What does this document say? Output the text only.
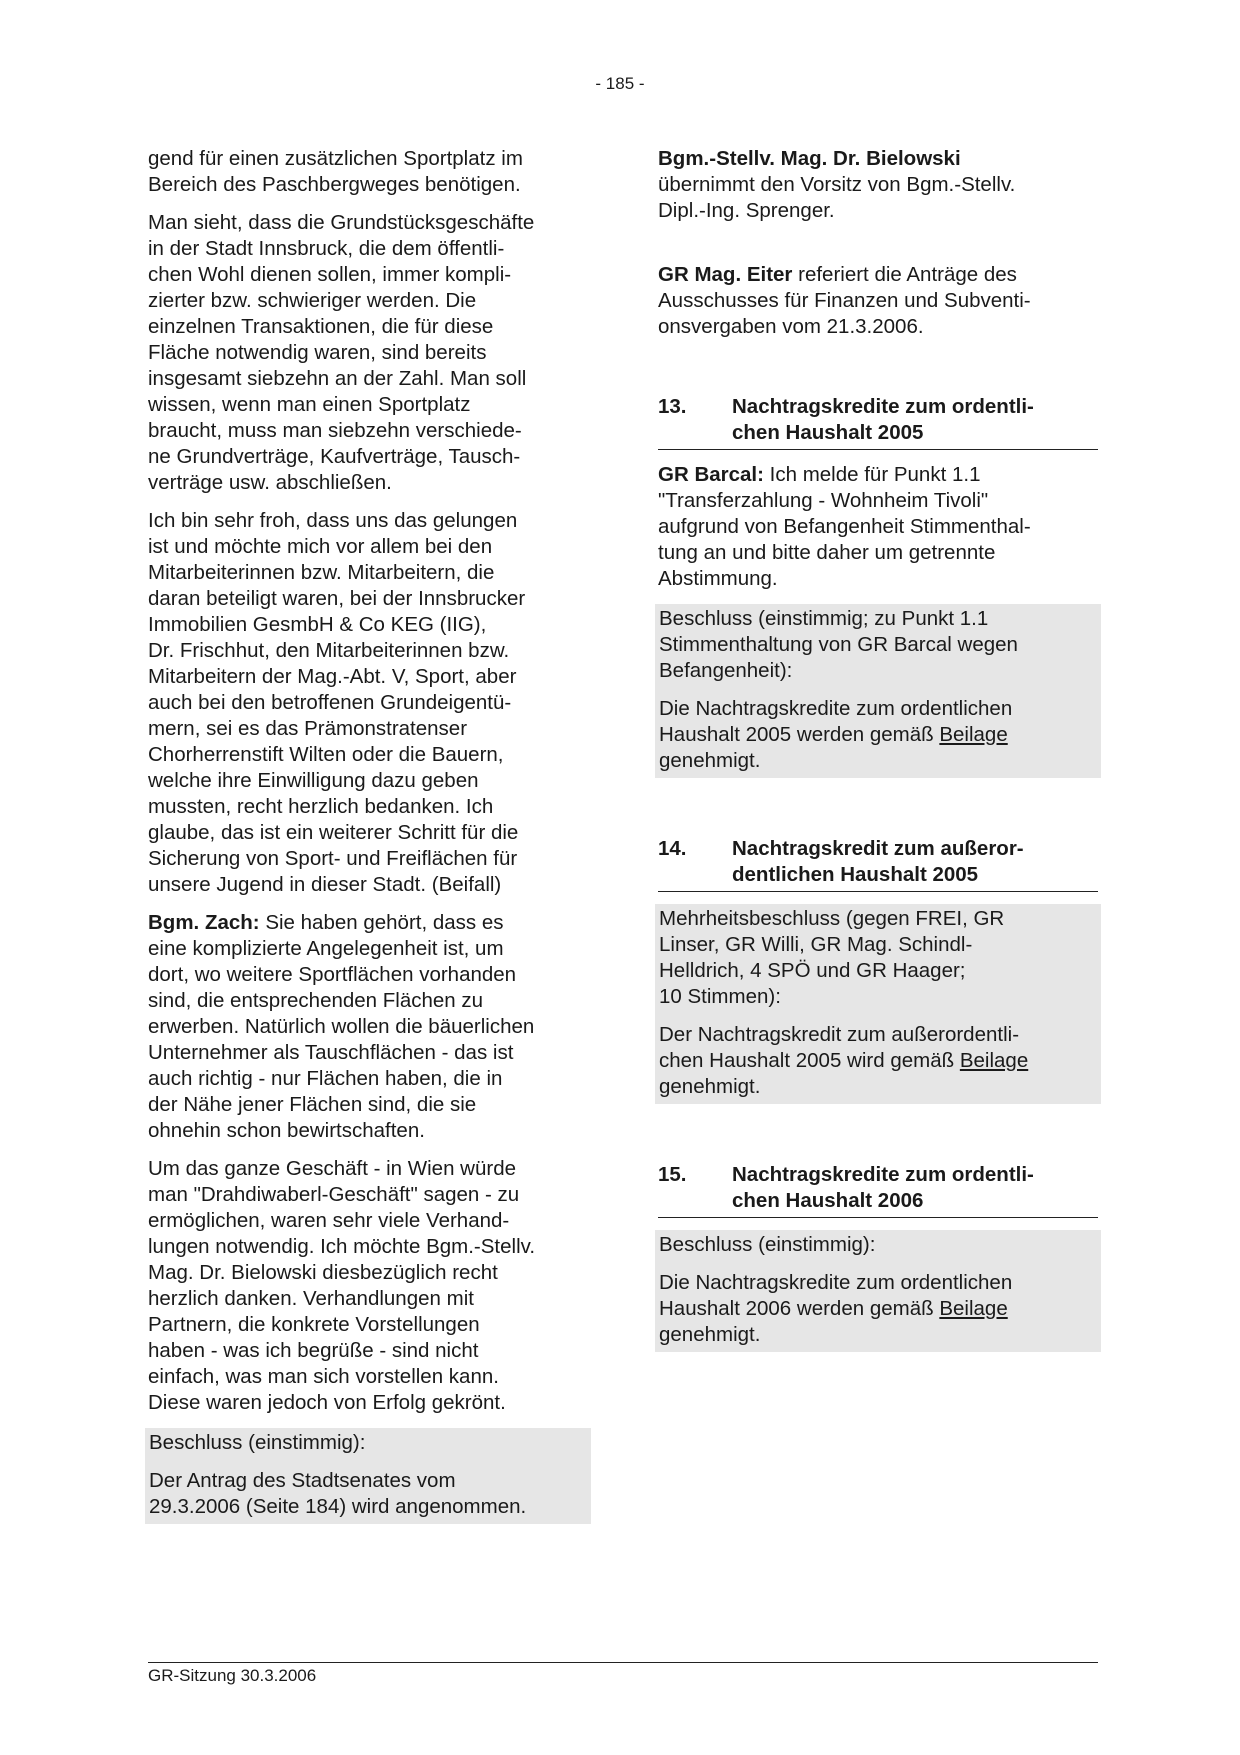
- 185 -
gend für einen zusätzlichen Sportplatz im
Bereich des Paschbergweges benötigen.
Man sieht, dass die Grundstücksgeschäfte
in der Stadt Innsbruck, die dem öffentli-
chen Wohl dienen sollen, immer kompli-
zierter bzw. schwieriger werden. Die
einzelnen Transaktionen, die für diese
Fläche notwendig waren, sind bereits
insgesamt siebzehn an der Zahl. Man soll
wissen, wenn man einen Sportplatz
braucht, muss man siebzehn verschiede-
ne Grundverträge, Kaufverträge, Tausch-
verträge usw. abschließen.
Ich bin sehr froh, dass uns das gelungen
ist und möchte mich vor allem bei den
Mitarbeiterinnen bzw. Mitarbeitern, die
daran beteiligt waren, bei der Innsbrucker
Immobilien GesmbH & Co KEG (IIG),
Dr. Frischhut, den Mitarbeiterinnen bzw.
Mitarbeitern der Mag.-Abt. V, Sport, aber
auch bei den betroffenen Grundeigentü-
mern, sei es das Prämonstratenser
Chorherrenstift Wilten oder die Bauern,
welche ihre Einwilligung dazu geben
mussten, recht herzlich bedanken. Ich
glaube, das ist ein weiterer Schritt für die
Sicherung von Sport- und Freiflächen für
unsere Jugend in dieser Stadt. (Beifall)
Bgm. Zach: Sie haben gehört, dass es
eine komplizierte Angelegenheit ist, um
dort, wo weitere Sportflächen vorhanden
sind, die entsprechenden Flächen zu
erwerben. Natürlich wollen die bäuerlichen
Unternehmer als Tauschflächen - das ist
auch richtig - nur Flächen haben, die in
der Nähe jener Flächen sind, die sie
ohnehin schon bewirtschaften.
Um das ganze Geschäft - in Wien würde
man "Drahdiwaberl-Geschäft" sagen - zu
ermöglichen, waren sehr viele Verhand-
lungen notwendig. Ich möchte Bgm.-Stellv.
Mag. Dr. Bielowski diesbezüglich recht
herzlich danken. Verhandlungen mit
Partnern, die konkrete Vorstellungen
haben - was ich begrüße - sind nicht
einfach, was man sich vorstellen kann.
Diese waren jedoch von Erfolg gekrönt.
Beschluss (einstimmig):
Der Antrag des Stadtsenates vom
29.3.2006 (Seite 184) wird angenommen.
Bgm.-Stellv. Mag. Dr. Bielowski
übernimmt den Vorsitz von Bgm.-Stellv.
Dipl.-Ing. Sprenger.
GR Mag. Eiter referiert die Anträge des
Ausschusses für Finanzen und Subventi-
onsvergaben vom 21.3.2006.
13.	Nachtragskredite zum ordentli-
chen Haushalt 2005
GR Barcal: Ich melde für Punkt 1.1
"Transferzahlung - Wohnheim Tivoli"
aufgrund von Befangenheit Stimmenthal-
tung an und bitte daher um getrennte
Abstimmung.
Beschluss (einstimmig; zu Punkt 1.1
Stimmenthaltung von GR Barcal wegen
Befangenheit):
Die Nachtragskredite zum ordentlichen
Haushalt 2005 werden gemäß Beilage
genehmigt.
14.	Nachtragskredit zum außeror-
dentlichen Haushalt 2005
Mehrheitsbeschluss (gegen FREI, GR
Linser, GR Willi, GR Mag. Schindl-
Helldrich, 4 SPÖ und GR Haager;
10 Stimmen):
Der Nachtragskredit zum außerordentli-
chen Haushalt 2005 wird gemäß Beilage
genehmigt.
15.	Nachtragskredite zum ordentli-
chen Haushalt 2006
Beschluss (einstimmig):
Die Nachtragskredite zum ordentlichen
Haushalt 2006 werden gemäß Beilage
genehmigt.
GR-Sitzung 30.3.2006
